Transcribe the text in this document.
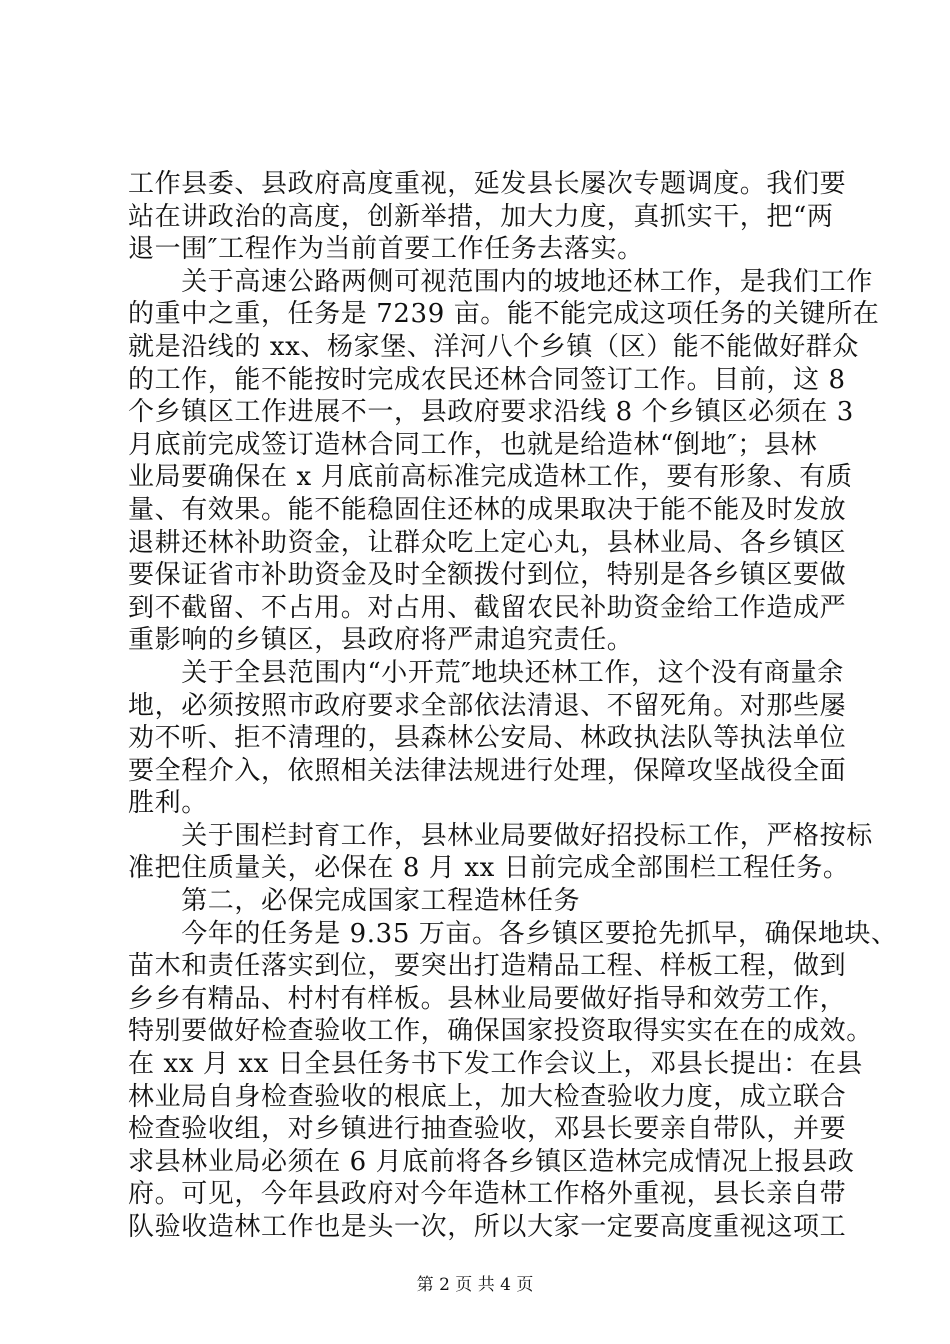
工作县委、县政府高度重视，延发县长屡次专题调度。我们要
站在讲政治的高度，创新举措，加大力度，真抓实干，把“两
退一围″工程作为当前首要工作任务去落实。
　　关于高速公路两侧可视范围内的坡地还林工作，是我们工作
的重中之重，任务是 7239 亩。能不能完成这项任务的关键所在
就是沿线的 xx、杨家堡、洋河八个乡镇（区）能不能做好群众
的工作，能不能按时完成农民还林合同签订工作。目前，这 8
个乡镇区工作进展不一，县政府要求沿线 8 个乡镇区必须在 3
月底前完成签订造林合同工作，也就是给造林“倒地″；县林
业局要确保在 x 月底前高标准完成造林工作，要有形象、有质
量、有效果。能不能稳固住还林的成果取决于能不能及时发放
退耕还林补助资金，让群众吃上定心丸，县林业局、各乡镇区
要保证省市补助资金及时全额拨付到位，特别是各乡镇区要做
到不截留、不占用。对占用、截留农民补助资金给工作造成严
重影响的乡镇区，县政府将严肃追究责任。
　　关于全县范围内“小开荒″地块还林工作，这个没有商量余
地，必须按照市政府要求全部依法清退、不留死角。对那些屡
劝不听、拒不清理的，县森林公安局、林政执法队等执法单位
要全程介入，依照相关法律法规进行处理，保障攻坚战役全面
胜利。
　　关于围栏封育工作，县林业局要做好招投标工作，严格按标
准把住质量关，必保在 8 月 xx 日前完成全部围栏工程任务。
　　第二，必保完成国家工程造林任务
　　今年的任务是 9.35 万亩。各乡镇区要抢先抓早，确保地块、
苗木和责任落实到位，要突出打造精品工程、样板工程，做到
乡乡有精品、村村有样板。县林业局要做好指导和效劳工作，
特别要做好检查验收工作，确保国家投资取得实实在在的成效。
在 xx 月 xx 日全县任务书下发工作会议上，邓县长提出：在县
林业局自身检查验收的根底上，加大检查验收力度，成立联合
检查验收组，对乡镇进行抽查验收，邓县长要亲自带队，并要
求县林业局必须在 6 月底前将各乡镇区造林完成情况上报县政
府。可见，今年县政府对今年造林工作格外重视，县长亲自带
队验收造林工作也是头一次，所以大家一定要高度重视这项工
第 2 页 共 4 页
